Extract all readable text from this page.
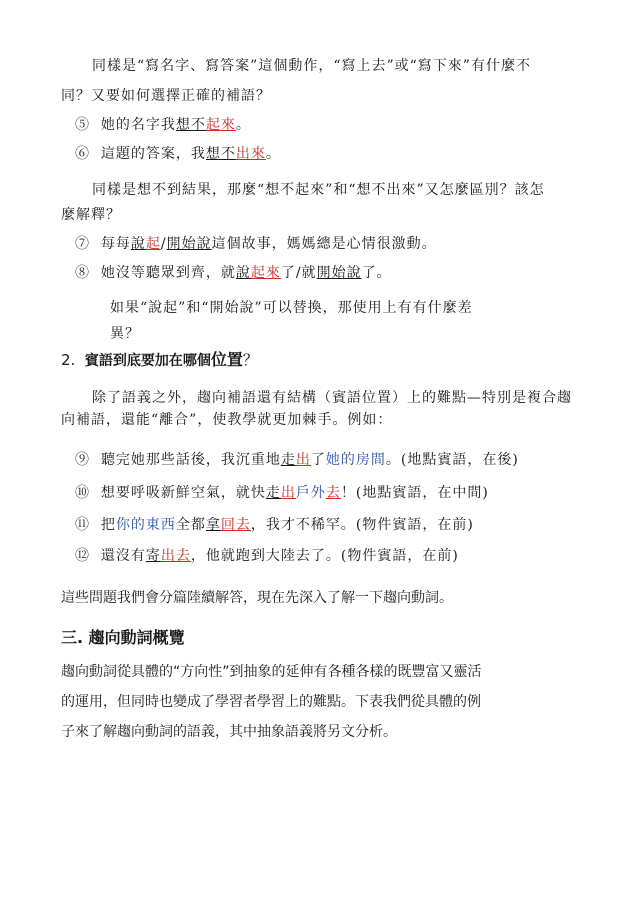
同樣是“寫名字、寫答案”這個動作，“寫上去”或“寫下來”有什麼不
同？又要如何選擇正確的補語？
⑤ 她的名字我想不起來。
⑥ 這題的答案，我想不出來。
同樣是想不到結果，那麼“想不起來”和“想不出來”又怎麼區別？該怎
麼解釋？
⑦ 每每說起/開始說這個故事，媽媽總是心情很激動。
⑧ 她沒等聽眾到齊，就說起來了/就開始說了。
如果“說起”和“開始說”可以替換，那使用上有有什麼差
異？
2. 賓語到底要加在哪個位置？
除了語義之外，趨向補語還有結構（賓語位置）上的難點—特別是複合趨
向補語，還能“離合”，使教學就更加棘手。例如：
⑨ 聽完她那些話後，我沉重地走出了她的房間。(地點賓語，在後)
⑩ 想要呼吸新鮮空氣，就快走出戶外去！(地點賓語，在中間)
⑪ 把你的東西全都拿回去，我才不稀罕。(物件賓語，在前)
⑫ 還沒有寄出去，他就跑到大陸去了。(物件賓語，在前)
這些問題我們會分篇陸續解答，現在先深入了解一下趨向動詞。
三. 趨向動詞概覽
趨向動詞從具體的“方向性”到抽象的延伸有各種各樣的既豐富又靈活
的運用，但同時也變成了學習者學習上的難點。下表我們從具體的例
子來了解趨向動詞的語義，其中抽象語義將另文分析。
